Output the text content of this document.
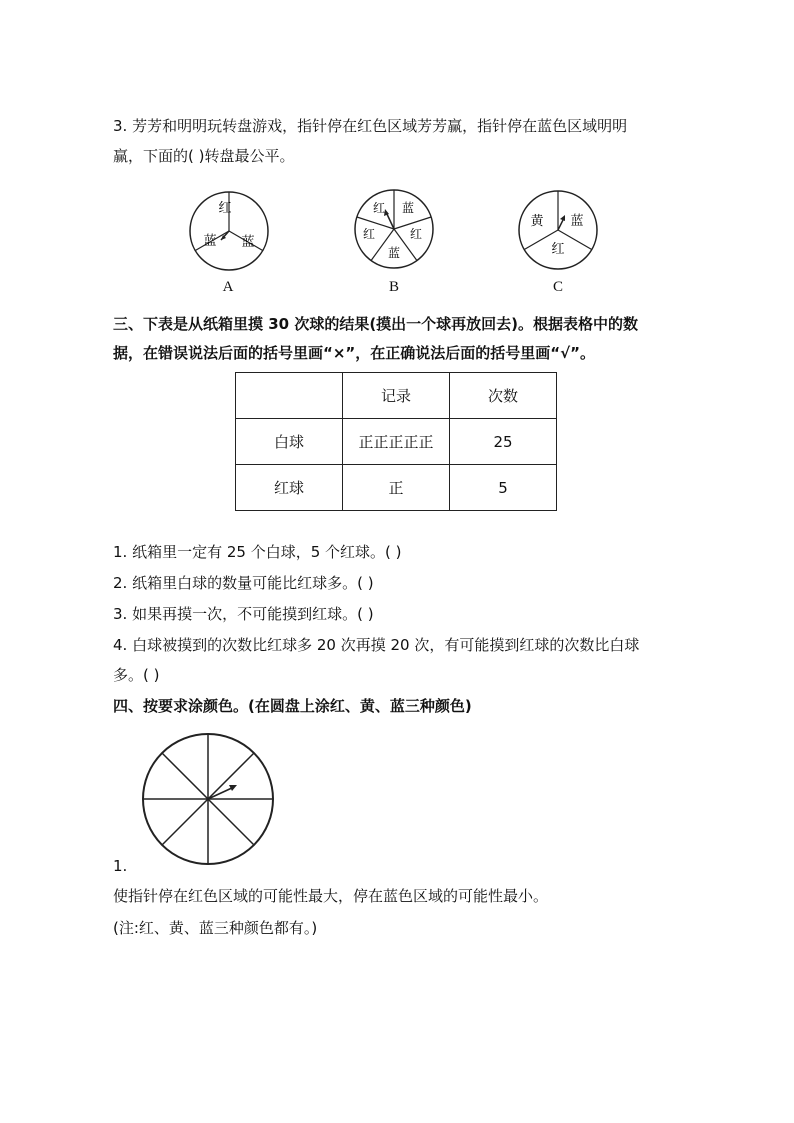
3. 芳芳和明明玩转盘游戏，指针停在红色区域芳芳赢，指针停在蓝色区域明明
赢，下面的( )转盘最公平。
红
蓝 蓝
A
红 蓝
红
红
蓝
B
黄 蓝
红
C
三、下表是从纸箱里摸 30 次球的结果(摸出一个球再放回去)。根据表格中的数
据，在错误说法后面的括号里画“×”，在正确说法后面的括号里画“√”。
	记录	次数
白球	正正正正正	25
红球	正	5
1. 纸箱里一定有 25 个白球，5 个红球。( )
2. 纸箱里白球的数量可能比红球多。( )
3. 如果再摸一次，不可能摸到红球。( )
4. 白球被摸到的次数比红球多 20 次再摸 20 次，有可能摸到红球的次数比白球
多。( )
四、按要求涂颜色。(在圆盘上涂红、黄、蓝三种颜色)
1.
使指针停在红色区域的可能性最大，停在蓝色区域的可能性最小。
(注:红、黄、蓝三种颜色都有。)
